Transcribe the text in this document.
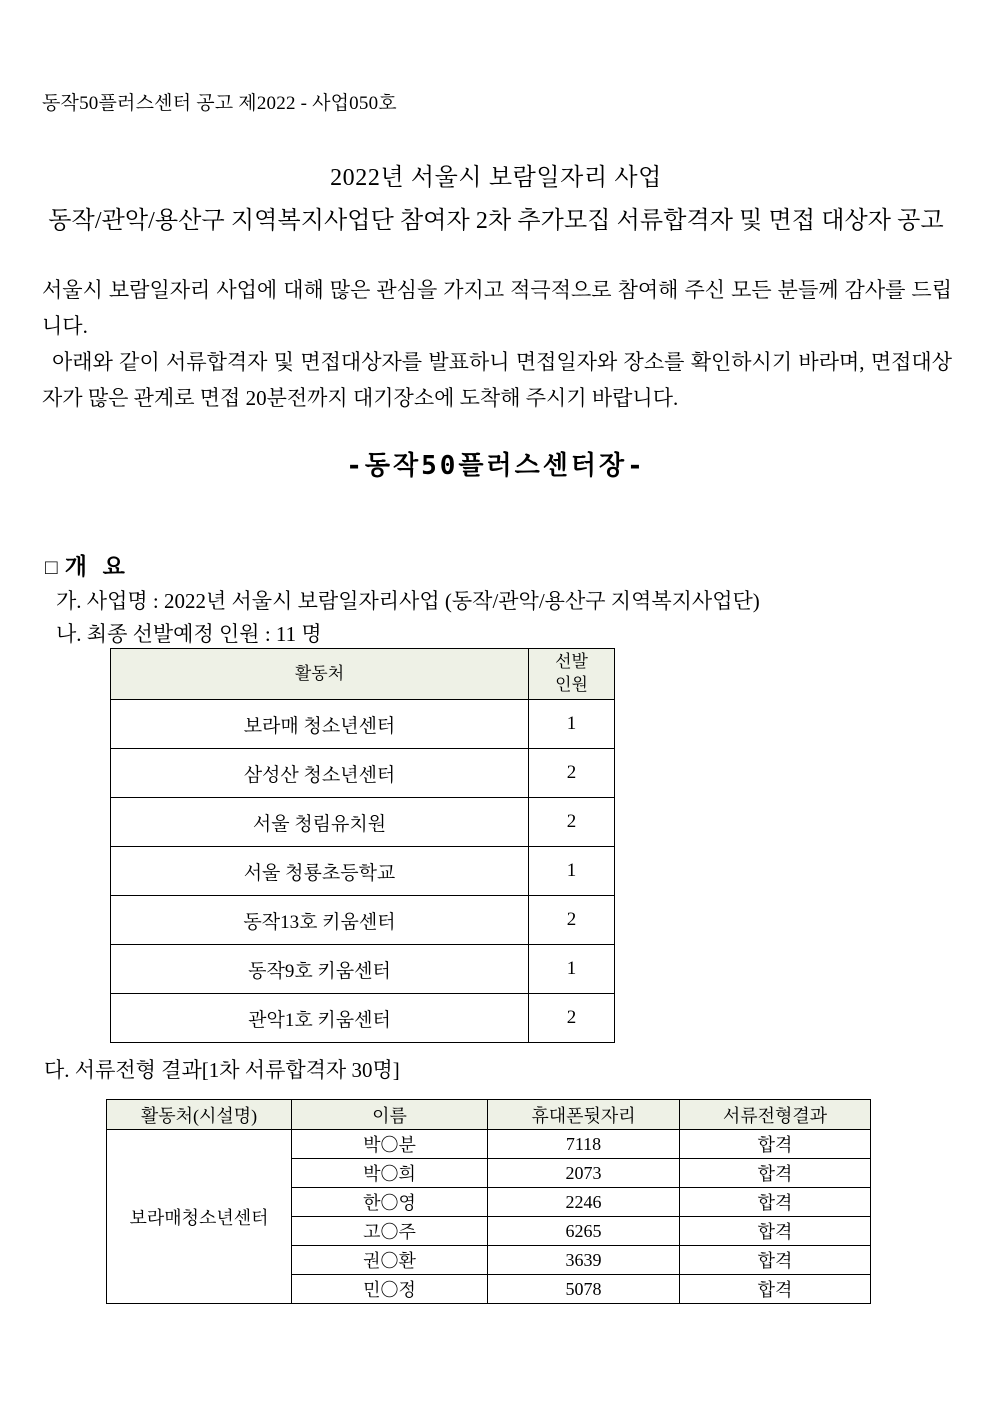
동작50플러스센터 공고 제2022 - 사업050호
2022년 서울시 보람일자리 사업
동작/관악/용산구 지역복지사업단 참여자 2차 추가모집 서류합격자 및 면접 대상자 공고

서울시 보람일자리 사업에 대해 많은 관심을 가지고 적극적으로 참여해 주신 모든 분들께 감사를 드립니다.

아래와 같이 서류합격자 및 면접대상자를 발표하니 면접일자와 장소를 확인하시기 바라며, 면접대상자가 많은 관계로 면접 20분전까지 대기장소에 도착해 주시기 바랍니다.

-동작50플러스센터장-
□ 개 요
가. 사업명 : 2022년 서울시 보람일자리사업 (동작/관악/용산구 지역복지사업단)
나. 최종 선발예정 인원 : 11 명
다. 서류전형 결과[1차 서류합격자 30명]
활동처	선발
인원
보라매 청소년센터	1
삼성산 청소년센터	2
서울 청림유치원	2
서울 청룡초등학교	1
동작13호 키움센터	2
동작9호 키움센터	1
관악1호 키움센터	2
활동처(시설명)	이름	휴대폰뒷자리	서류전형결과
보라매청소년센터	박〇분	7118	합격
	박〇희	2073	합격
	한〇영	2246	합격
	고〇주	6265	합격
	권〇환	3639	합격
	민〇정	5078	합격
